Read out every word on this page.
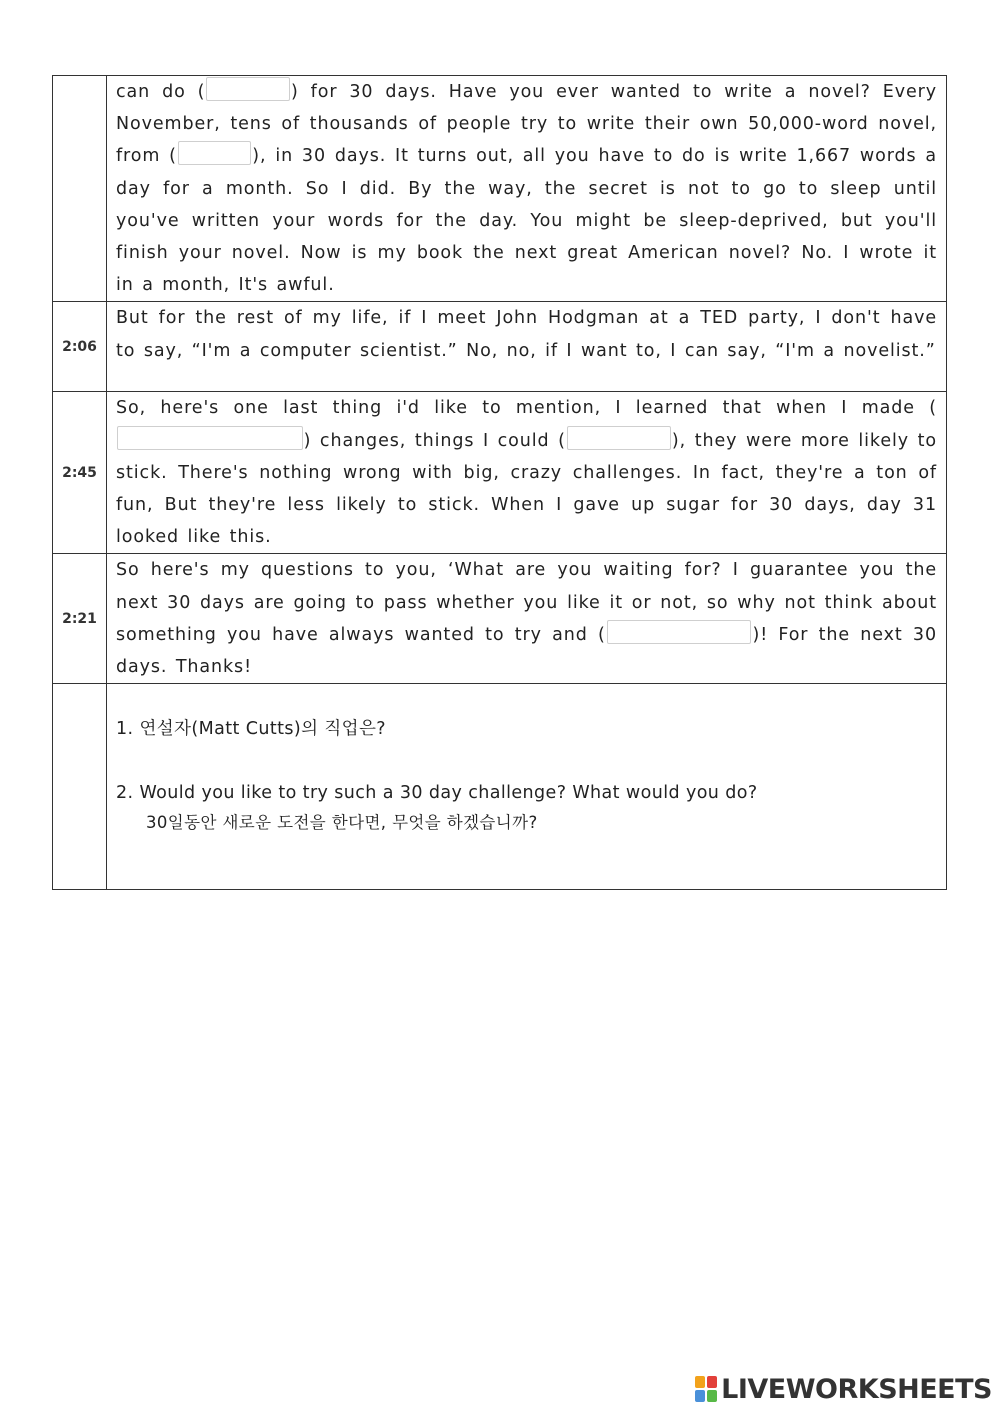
	can do ( ) for 30 days. Have you ever wanted to write a novel? Every November, tens of thousands of people try to write their own 50,000-word novel, from ( ), in 30 days. It turns out, all you have to do is write 1,667 words a day for a month. So I did. By the way, the secret is not to go to sleep until you've written your words for the day. You might be sleep-deprived, but you'll finish your novel. Now is my book the next great American novel? No. I wrote it in a month, It's awful.

2:06	But for the rest of my life, if I meet John Hodgman at a TED party, I don't have to say, “I'm a computer scientist.” No, no, if I want to, I can say, “I'm a novelist.”

2:45	So, here's one last thing i'd like to mention, I learned that when I made () changes, things I could ( ), they were more likely to stick. There's nothing wrong with big, crazy challenges. In fact, they're a ton of fun, But they're less likely to stick. When I gave up sugar for 30 days, day 31 looked like this.

2:21	So here's my questions to you, ‘What are you waiting for? I guarantee you the next 30 days are going to pass whether you like it or not, so why not think about something you have always wanted to try and ( )! For the next 30 days. Thanks!

	1. 연설자(Matt Cutts)의 직업은?

2. Would you like to try such a 30 day challenge? What would you do?

30일동안 새로운 도전을 한다면, 무엇을 하겠습니까?

LIVEWORKSHEETS
